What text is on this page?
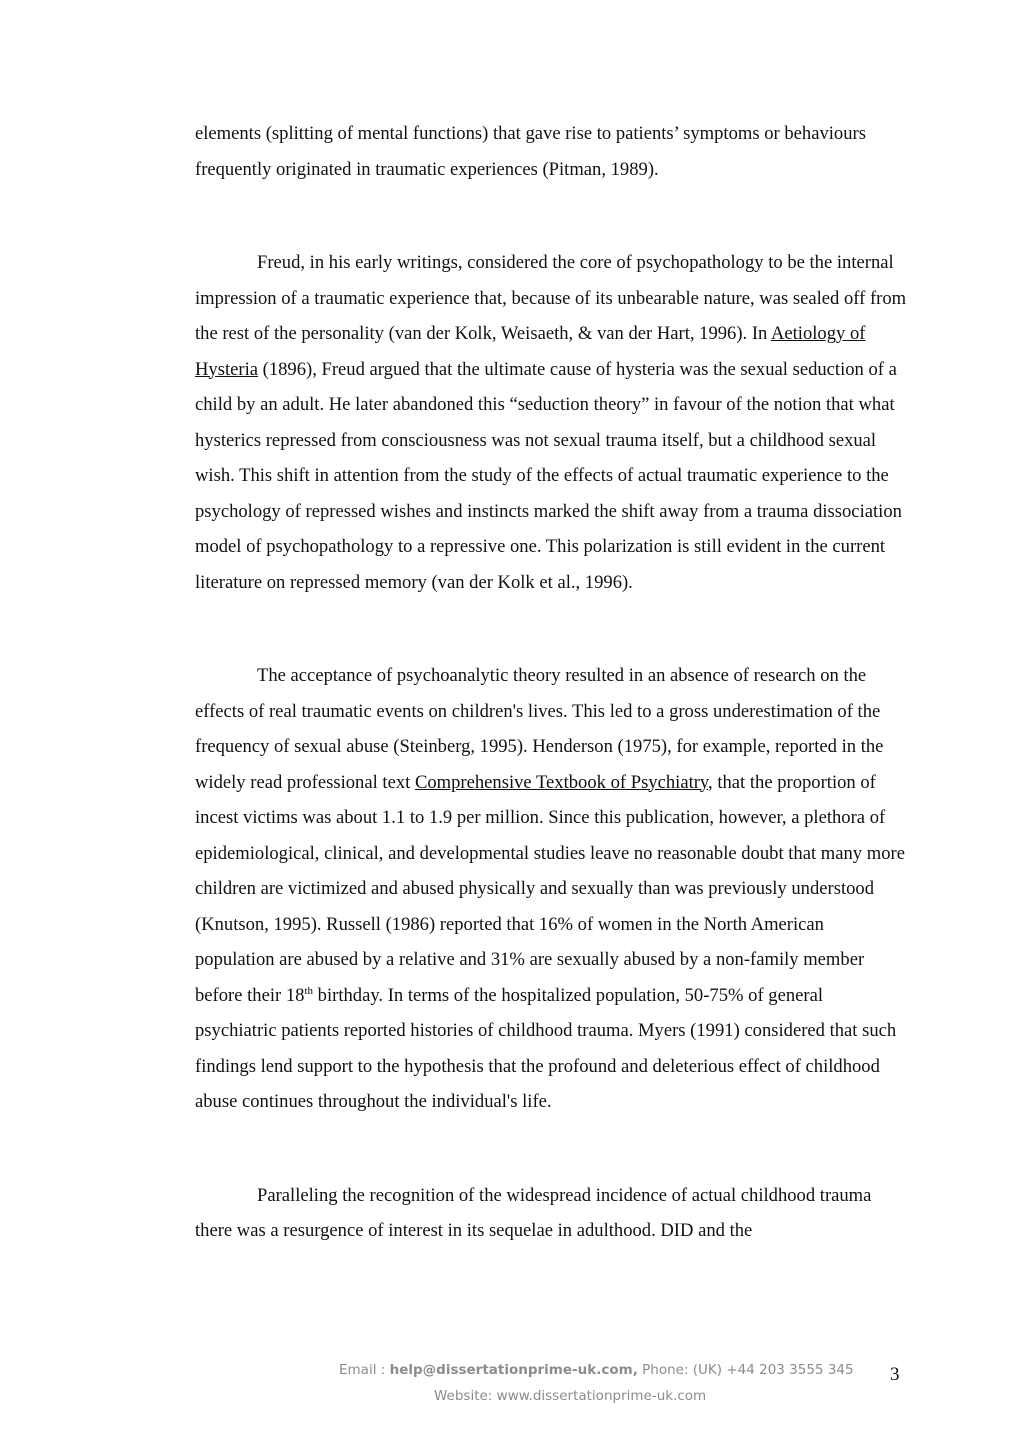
elements (splitting of mental functions) that gave rise to patients’ symptoms or behaviours frequently originated in traumatic experiences (Pitman, 1989).

Freud, in his early writings, considered the core of psychopathology to be the internal impression of a traumatic experience that, because of its unbearable nature, was sealed off from the rest of the personality (van der Kolk, Weisaeth, & van der Hart, 1996). In Aetiology of Hysteria (1896), Freud argued that the ultimate cause of hysteria was the sexual seduction of a child by an adult. He later abandoned this “seduction theory” in favour of the notion that what hysterics repressed from consciousness was not sexual trauma itself, but a childhood sexual wish. This shift in attention from the study of the effects of actual traumatic experience to the psychology of repressed wishes and instincts marked the shift away from a trauma dissociation model of psychopathology to a repressive one. This polarization is still evident in the current literature on repressed memory (van der Kolk et al., 1996).

The acceptance of psychoanalytic theory resulted in an absence of research on the effects of real traumatic events on children's lives. This led to a gross underestimation of the frequency of sexual abuse (Steinberg, 1995). Henderson (1975), for example, reported in the widely read professional text Comprehensive Textbook of Psychiatry, that the proportion of incest victims was about 1.1 to 1.9 per million. Since this publication, however, a plethora of epidemiological, clinical, and developmental studies leave no reasonable doubt that many more children are victimized and abused physically and sexually than was previously understood (Knutson, 1995). Russell (1986) reported that 16% of women in the North American population are abused by a relative and 31% are sexually abused by a non-family member before their 18th birthday. In terms of the hospitalized population, 50-75% of general psychiatric patients reported histories of childhood trauma. Myers (1991) considered that such findings lend support to the hypothesis that the profound and deleterious effect of childhood abuse continues throughout the individual's life.

Paralleling the recognition of the widespread incidence of actual childhood trauma there was a resurgence of interest in its sequelae in adulthood. DID and the

Email : help@dissertationprime-uk.com, Phone: (UK) +44 203 3555 345
Website: www.dissertationprime-uk.com
3
